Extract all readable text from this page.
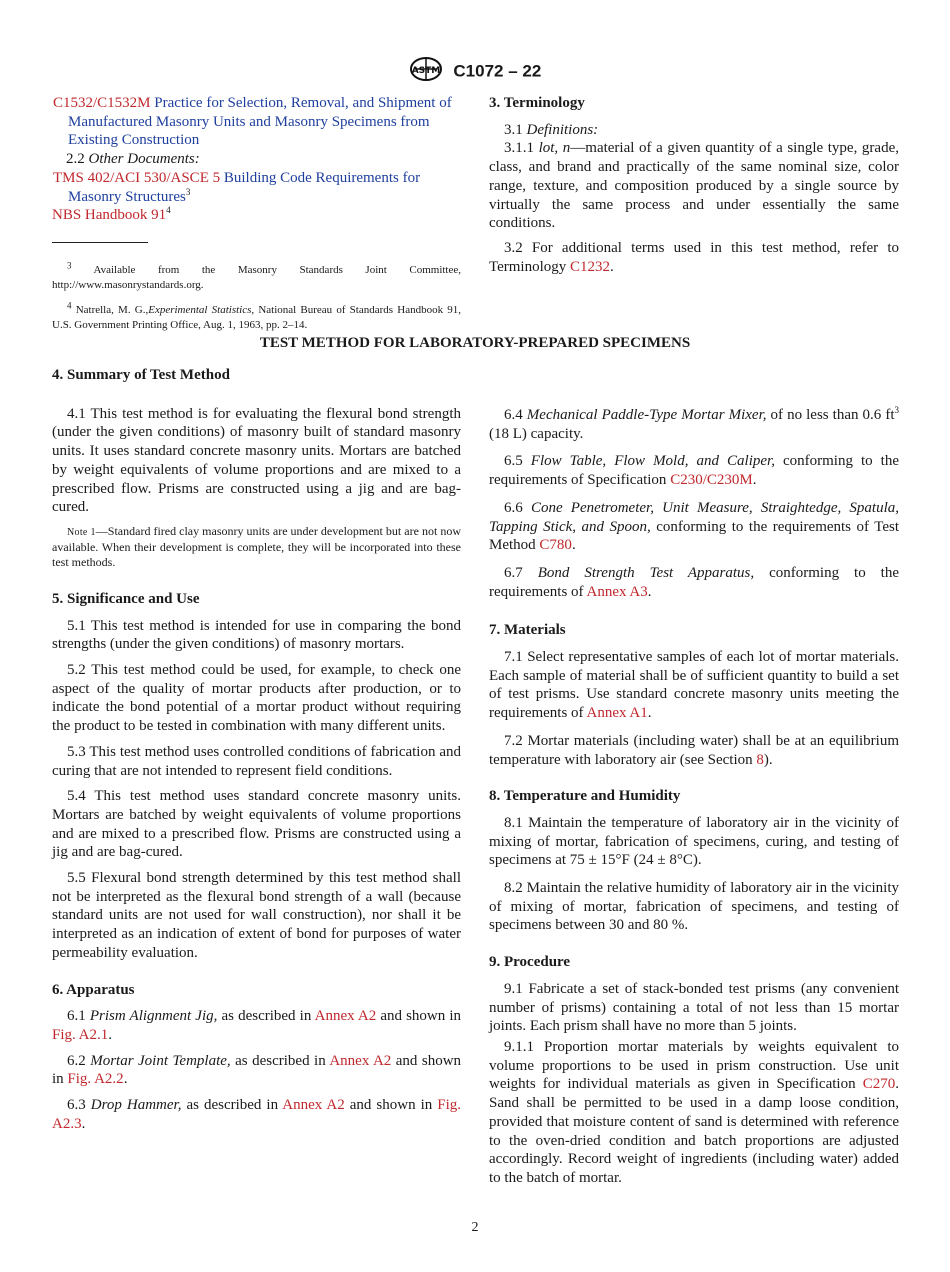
ASTM C1072 – 22

C1532/C1532M Practice for Selection, Removal, and Shipment of Manufactured Masonry Units and Masonry Specimens from Existing Construction

2.2 Other Documents:

TMS 402/ACI 530/ASCE 5 Building Code Requirements for Masonry Structures$^3$

NBS Handbook $91^4$

$^3$ Available from the Masonry Standards Joint Committee, http://www.masonrystandards.org.

$^4$ Natrella, M. G.,Experimental Statistics, National Bureau of Standards Handbook 91, U.S. Government Printing Office, Aug. 1, 1963, pp. 2–14.

3. Terminology

3.1 Definitions:

3.1.1 lot, n—material of a given quantity of a single type, grade, class, and brand and practically of the same nominal size, color range, texture, and composition produced by a single source by virtually the same process and under essentially the same conditions.

3.2 For additional terms used in this test method, refer to Terminology C1232.

TEST METHOD FOR LABORATORY-PREPARED SPECIMENS
4. Summary of Test Method

4.1 This test method is for evaluating the flexural bond strength (under the given conditions) of masonry built of standard masonry units. It uses standard concrete masonry units. Mortars are batched by weight equivalents of volume proportions and are mixed to a prescribed flow. Prisms are constructed using a jig and are bag-cured.

Note 1—Standard fired clay masonry units are under development but are not now available. When their development is complete, they will be incorporated into these test methods.

5. Significance and Use

5.1 This test method is intended for use in comparing the bond strengths (under the given conditions) of masonry mortars.

5.2 This test method could be used, for example, to check one aspect of the quality of mortar products after production, or to indicate the bond potential of a mortar product without requiring the product to be tested in combination with many different units.

5.3 This test method uses controlled conditions of fabrication and curing that are not intended to represent field conditions.

5.4 This test method uses standard concrete masonry units. Mortars are batched by weight equivalents of volume proportions and are mixed to a prescribed flow. Prisms are constructed using a jig and are bag-cured.

5.5 Flexural bond strength determined by this test method shall not be interpreted as the flexural bond strength of a wall (because standard units are not used for wall construction), nor shall it be interpreted as an indication of extent of bond for purposes of water permeability evaluation.

6. Apparatus

6.1 Prism Alignment Jig, as described in Annex A2 and shown in Fig. A2.1.

6.2 Mortar Joint Template, as described in Annex A2 and shown in Fig. A2.2.

6.3 Drop Hammer, as described in Annex A2 and shown in Fig. A2.3.

6.4 Mechanical Paddle-Type Mortar Mixer, of no less than 0.6 $ft^3$ (18 L) capacity.

6.5 Flow Table, Flow Mold, and Caliper, conforming to the requirements of Specification C230/C230M.

6.6 Cone Penetrometer, Unit Measure, Straightedge, Spatula, Tapping Stick, and Spoon, conforming to the requirements of Test Method C780.

6.7 Bond Strength Test Apparatus, conforming to the requirements of Annex A3.

7. Materials

7.1 Select representative samples of each lot of mortar materials. Each sample of material shall be of sufficient quantity to build a set of test prisms. Use standard concrete masonry units meeting the requirements of Annex A1.

7.2 Mortar materials (including water) shall be at an equilibrium temperature with laboratory air (see Section 8).

8. Temperature and Humidity

8.1 Maintain the temperature of laboratory air in the vicinity of mixing of mortar, fabrication of specimens, curing, and testing of specimens at 75 ± 15°F (24 ± 8°C).

8.2 Maintain the relative humidity of laboratory air in the vicinity of mixing of mortar, fabrication of specimens, and testing of specimens between 30 and 80 %.

9. Procedure

9.1 Fabricate a set of stack-bonded test prisms (any convenient number of prisms) containing a total of not less than 15 mortar joints. Each prism shall have no more than 5 joints.

9.1.1 Proportion mortar materials by weights equivalent to volume proportions to be used in prism construction. Use unit weights for individual materials as given in Specification C270. Sand shall be permitted to be used in a damp loose condition, provided that moisture content of sand is determined with reference to the oven-dried condition and batch proportions are adjusted accordingly. Record weight of ingredients (including water) added to the batch of mortar.

2
